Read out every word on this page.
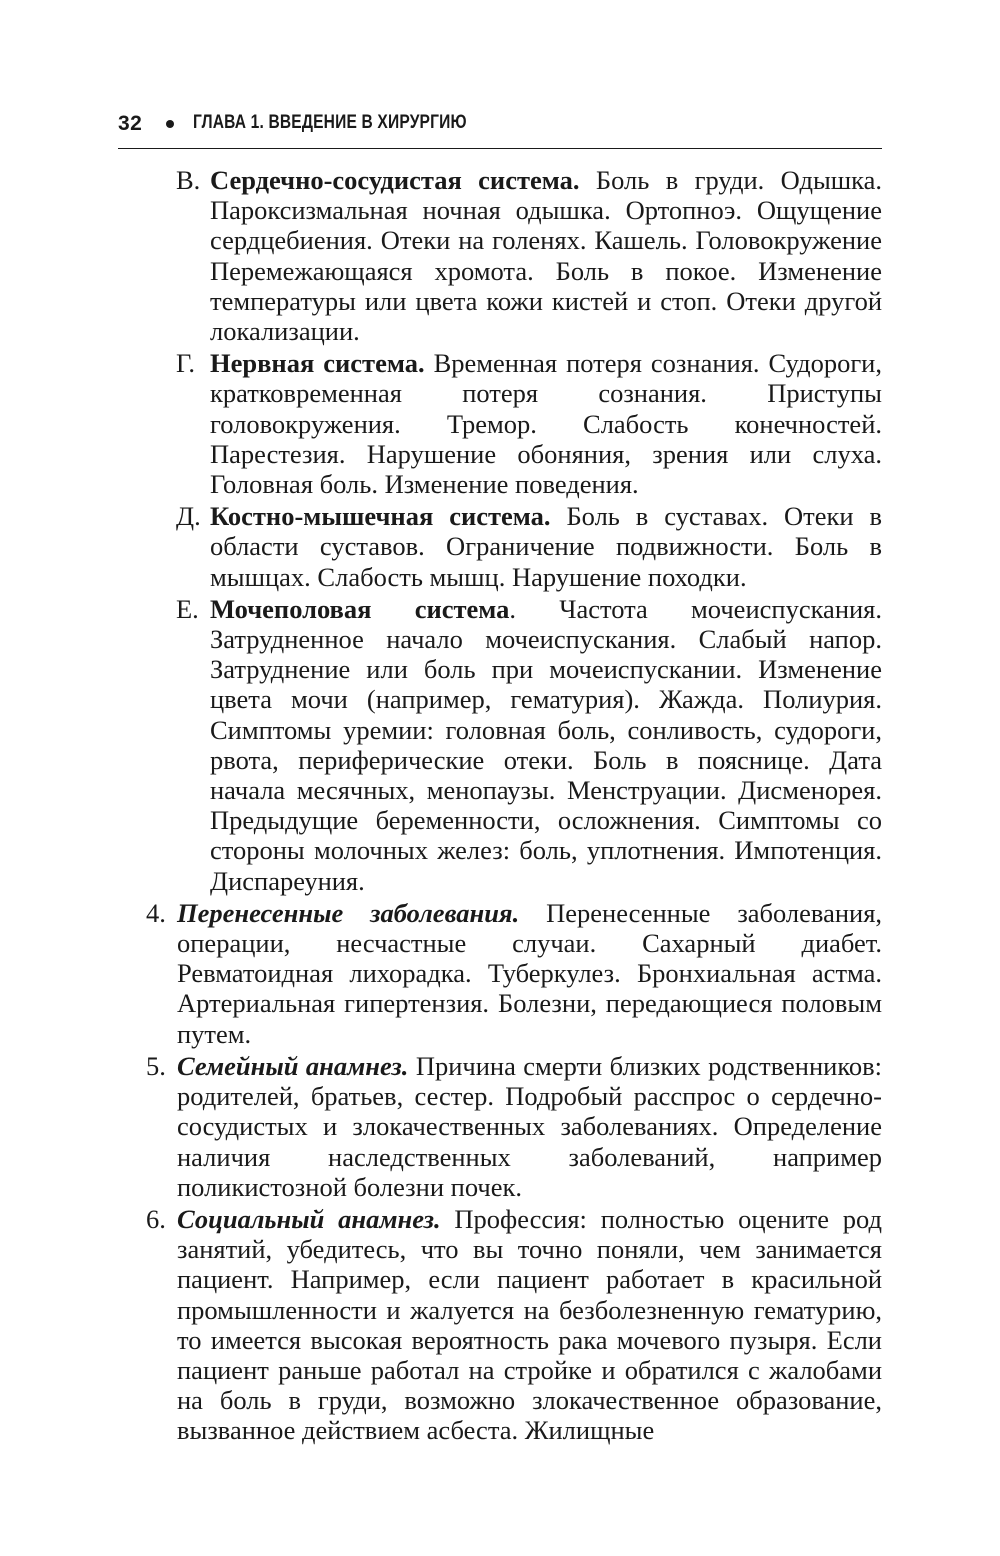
32	ГЛАВА 1. ВВЕДЕНИЕ В ХИРУРГИЮ

В. Сердечно-сосудистая система. Боль в груди. Одышка. Пароксизмальная ночная одышка. Ортопноэ. Ощущение сердцебиения. Отеки на голенях. Кашель. Головокружение Перемежающаяся хромота. Боль в покое. Изменение температуры или цвета кожи кистей и стоп. Отеки другой локализации.

Г. Нервная система. Временная потеря сознания. Судороги, кратковременная потеря сознания. Приступы головокружения. Тремор. Слабость конечностей. Парестезия. Нарушение обоняния, зрения или слуха. Головная боль. Изменение поведения.

Д. Костно-мышечная система. Боль в суставах. Отеки в области суставов. Ограничение подвижности. Боль в мышцах. Слабость мышц. Нарушение походки.

Е. Мочеполовая система. Частота мочеиспускания. Затрудненное начало мочеиспускания. Слабый напор. Затруднение или боль при мочеиспускании. Изменение цвета мочи (например, гематурия). Жажда. Полиурия. Симптомы уремии: головная боль, сонливость, судороги, рвота, периферические отеки. Боль в пояснице. Дата начала месячных, менопаузы. Менструации. Дисменорея. Предыдущие беременности, осложнения. Симптомы со стороны молочных желез: боль, уплотнения. Импотенция. Диспареуния.

4. Перенесенные заболевания. Перенесенные заболевания, операции, несчастные случаи. Сахарный диабет. Ревматоидная лихорадка. Туберкулез. Бронхиальная астма. Артериальная гипертензия. Болезни, передающиеся половым путем.

5. Семейный анамнез. Причина смерти близких родственников: родителей, братьев, сестер. Подробый расспрос о сердечно-сосудистых и злокачественных заболеваниях. Определение наличия наследственных заболеваний, например поликистозной болезни почек.

6. Социальный анамнез. Профессия: полностью оцените род занятий, убедитесь, что вы точно поняли, чем занимается пациент. Например, если пациент работает в красильной промышленности и жалуется на безболезненную гематурию, то имеется высокая вероятность рака мочевого пузыря. Если пациент раньше работал на стройке и обратился с жалобами на боль в груди, возможно злокачественное образование, вызванное действием асбеста. Жилищные
